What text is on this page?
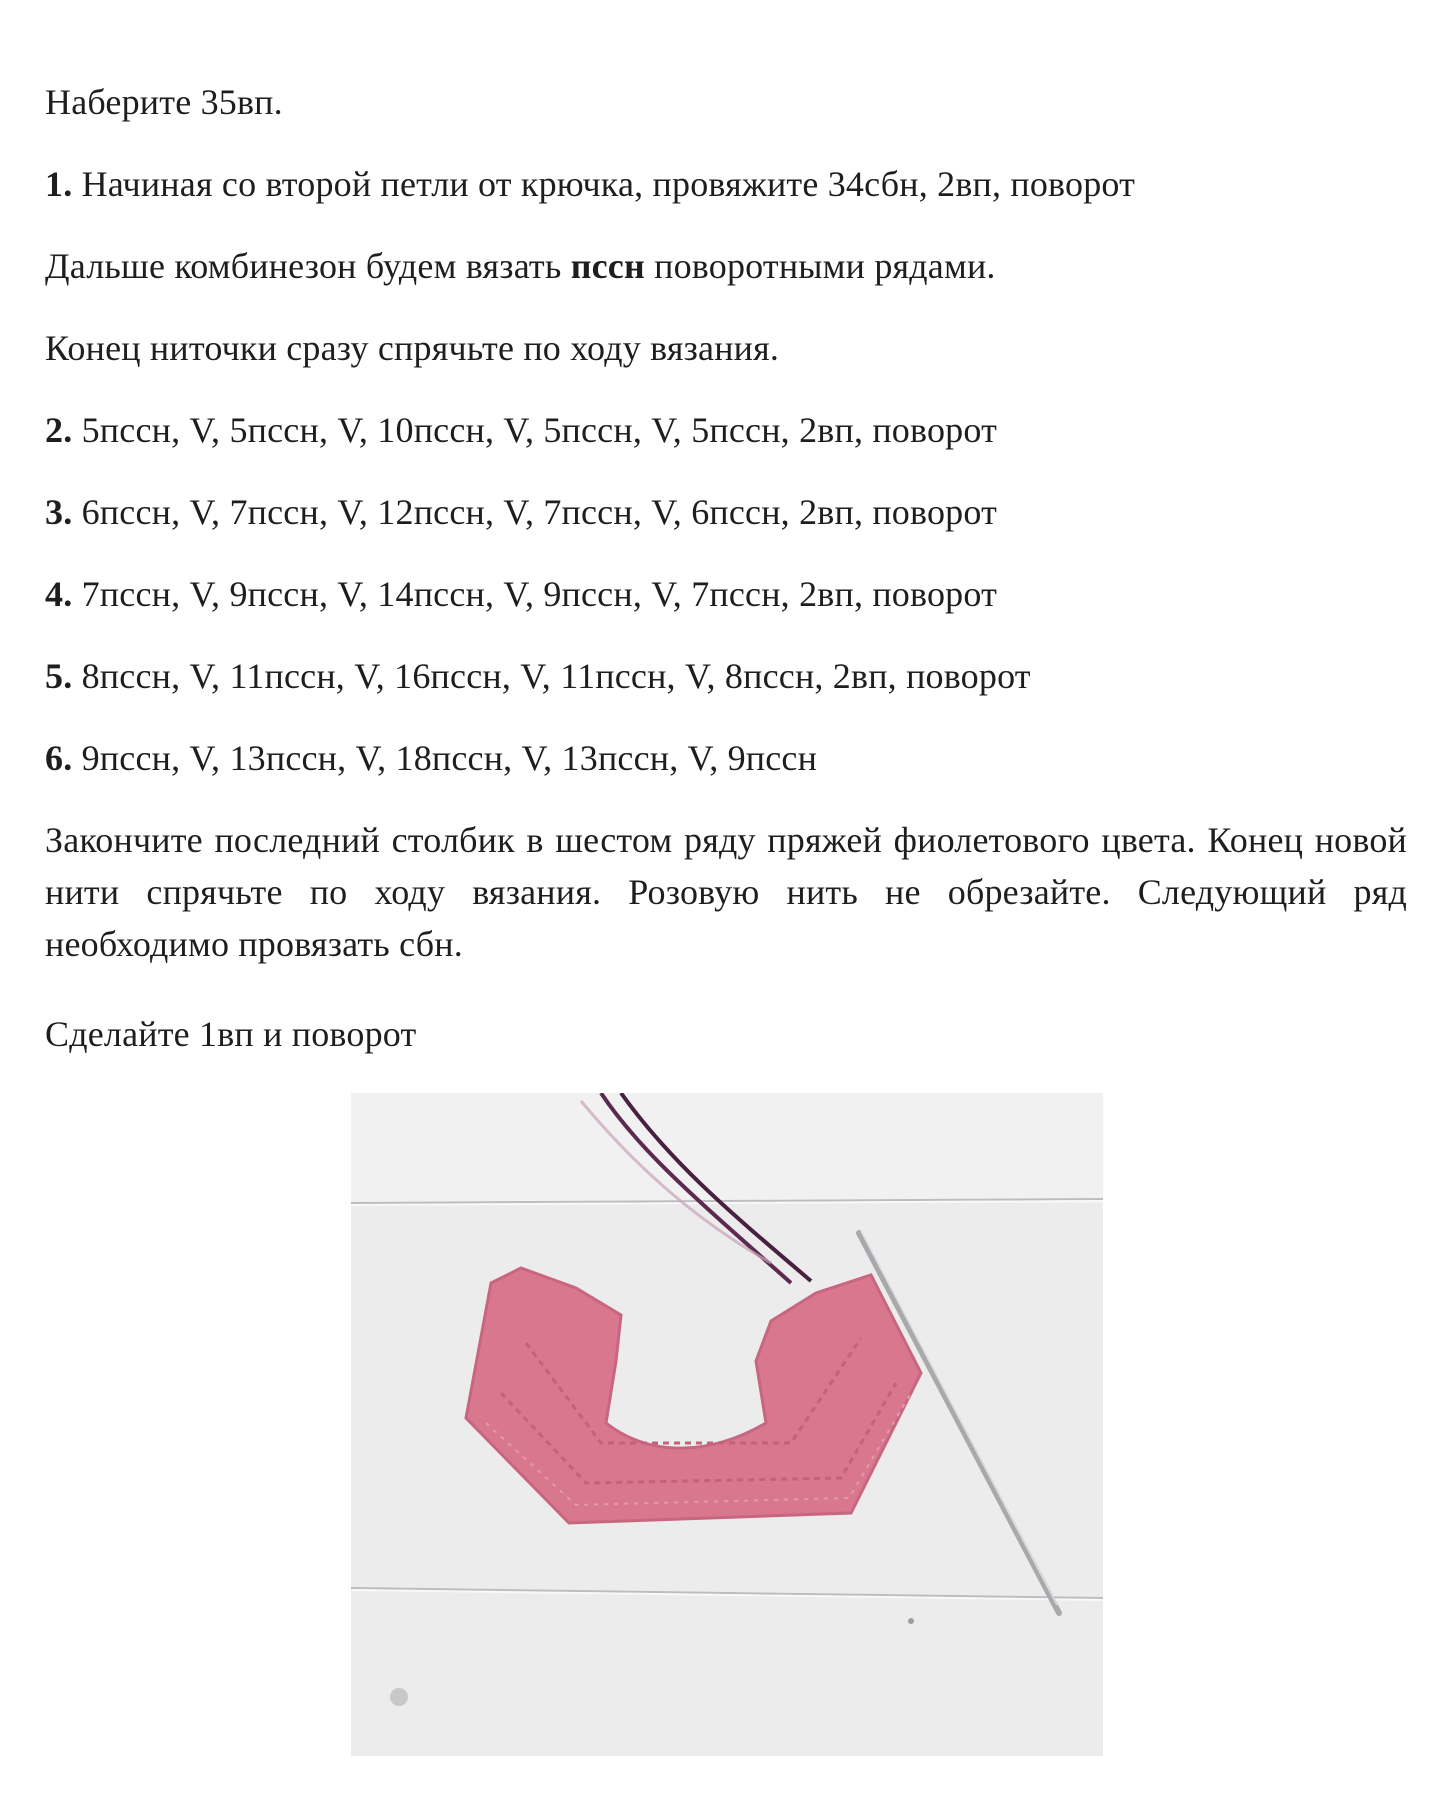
Наберите 35вп.
1. Начиная со второй петли от крючка, провяжите 34сбн, 2вп, поворот
Дальше комбинезон будем вязать пссн поворотными рядами.
Конец ниточки сразу спрячьте по ходу вязания.
2. 5пссн, V, 5пссн, V, 10пссн, V, 5пссн, V, 5пссн, 2вп, поворот
3. 6пссн, V, 7пссн, V, 12пссн, V, 7пссн, V, 6пссн, 2вп, поворот
4. 7пссн, V, 9пссн, V, 14пссн, V, 9пссн, V, 7пссн, 2вп, поворот
5. 8пссн, V, 11пссн, V, 16пссн, V, 11пссн, V, 8пссн, 2вп, поворот
6. 9пссн, V, 13пссн, V, 18пссн, V, 13пссн, V, 9пссн
Закончите последний столбик в шестом ряду пряжей фиолетового цвета. Конец новой нити спрячьте по ходу вязания. Розовую нить не обрезайте. Следующий ряд необходимо провязать сбн.
Сделайте 1вп и поворот
